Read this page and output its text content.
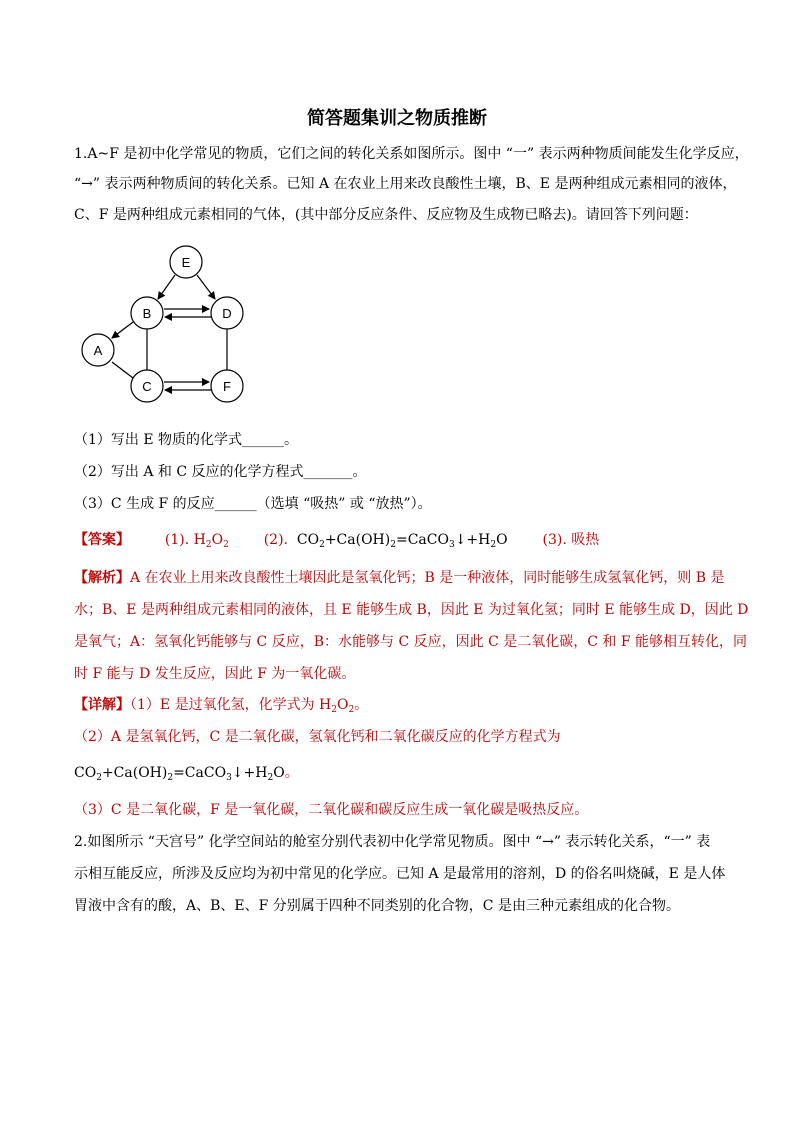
简答题集训之物质推断
1.A~F 是初中化学常见的物质，它们之间的转化关系如图所示。图中 “一” 表示两种物质间能发生化学反应，
“→” 表示两种物质间的转化关系。已知 A 在农业上用来改良酸性土壤，B、E 是两种组成元素相同的液体，
C、F 是两种组成元素相同的气体，(其中部分反应条件、反应物及生成物已略去)。请回答下列问题：
E
B	D
A
C	F
（1）写出 E 物质的化学式______。
（2）写出 A 和 C 反应的化学方程式_______。
（3）C 生成 F 的反应______（选填 “吸热” 或 “放热”）。
【答案】 (1). $H_2O_2$ (2).  $CO_2+Ca(OH)_2=CaCO_3↓+H_2O$ (3). 吸热
【解析】A 在农业上用来改良酸性土壤因此是氢氧化钙；B 是一种液体，同时能够生成氢氧化钙，则 B 是
水；B、E 是两种组成元素相同的液体，且 E 能够生成 B，因此 E 为过氧化氢；同时 E 能够生成 D，因此 D
是氧气；A：氢氧化钙能够与 C 反应，B：水能够与 C 反应，因此 C 是二氧化碳，C 和 F 能够相互转化，同
时 F 能与 D 发生反应，因此 F 为一氧化碳。
【详解】（1）E 是过氧化氢，化学式为 $H_2O_2$。
（2）A 是氢氧化钙，C 是二氧化碳，氢氧化钙和二氧化碳反应的化学方程式为
$CO_2+Ca(OH)_2=CaCO_3↓+H_2O$。
（3）C 是二氧化碳，F 是一氧化碳，二氧化碳和碳反应生成一氧化碳是吸热反应。
2.如图所示 “天宫号” 化学空间站的舱室分别代表初中化学常见物质。图中 “→” 表示转化关系，“一” 表
示相互能反应，所涉及反应均为初中常见的化学应。已知 A 是最常用的溶剂，D 的俗名叫烧碱，E 是人体
胃液中含有的酸，A、B、E、F 分别属于四种不同类别的化合物，C 是由三种元素组成的化合物。
